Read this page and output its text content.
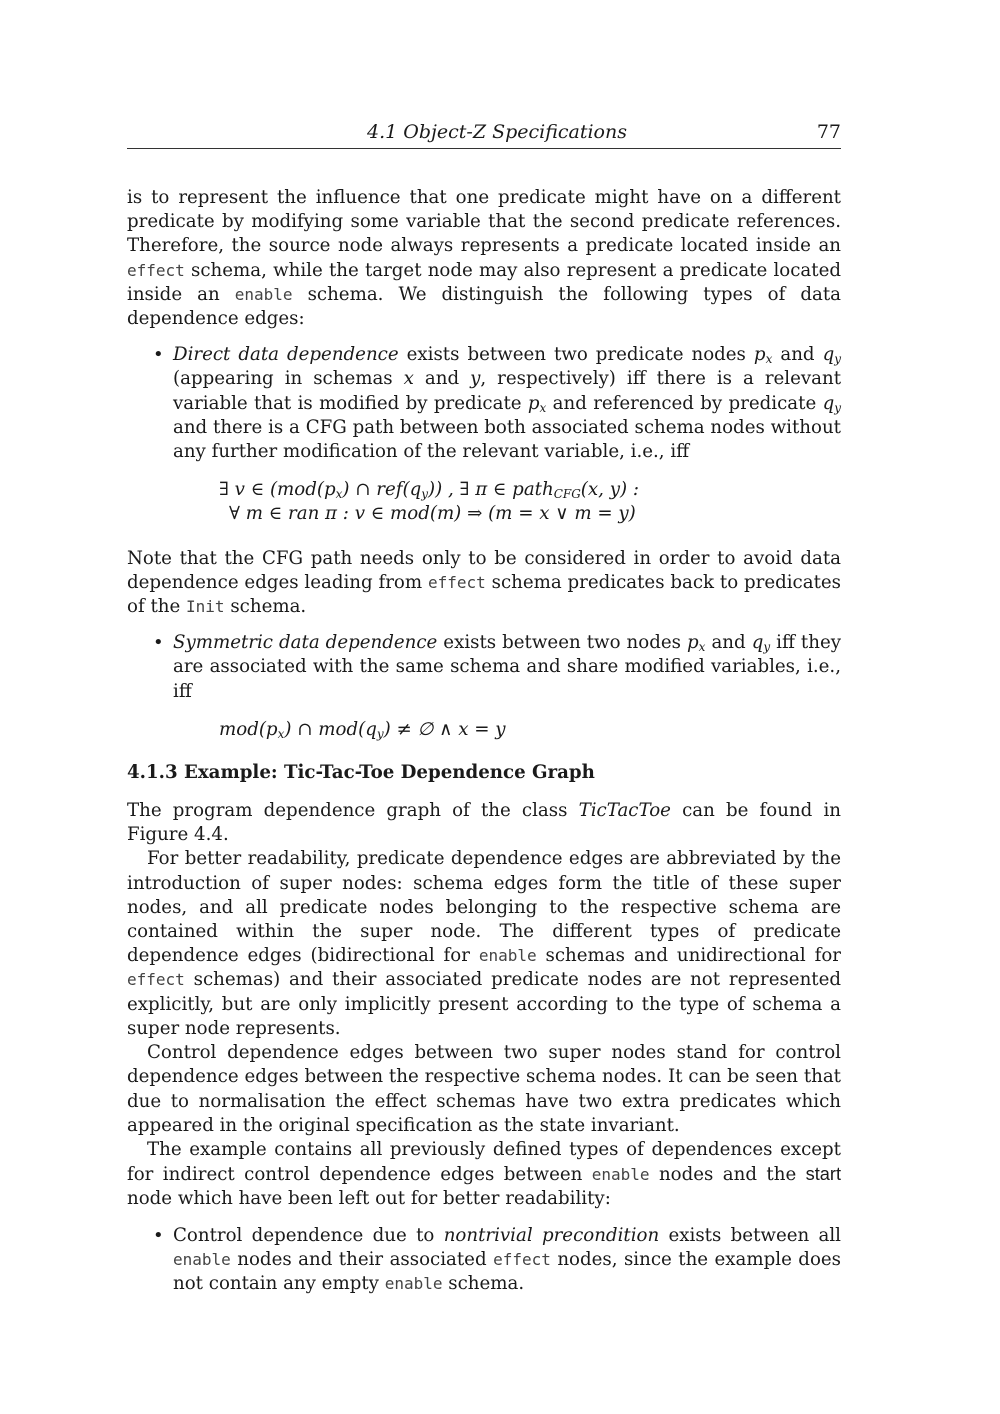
4.1 Object-Z Specifications	77

is to represent the influence that one predicate might have on a different predicate by modifying some variable that the second predicate references. Therefore, the source node always represents a predicate located inside an effect schema, while the target node may also represent a predicate located inside an enable schema. We distinguish the following types of data dependence edges:

• Direct data dependence exists between two predicate nodes $p_x$ and $q_y$ (appearing in schemas x and y, respectively) iff there is a relevant variable that is modified by predicate $p_x$ and referenced by predicate $q_y$ and there is a CFG path between both associated schema nodes without any further modification of the relevant variable, i.e., iff

∃ v ∈ ($mod(p_x)$ ∩ $ref(q_y)$) , ∃ π ∈ path$_{CFG}$(x, y) :
∀ m ∈ ran π : v ∈ mod(m) ⇒ (m = x ∨ m = y)

Note that the CFG path needs only to be considered in order to avoid data dependence edges leading from effect schema predicates back to predicates of the Init schema.

• Symmetric data dependence exists between two nodes $p_x$ and $q_y$ iff they are associated with the same schema and share modified variables, i.e., iff

$mod(p_x)$ ∩ $mod(q_y)$ ≠ ∅ ∧ x = y
4.1.3 Example: Tic-Tac-Toe Dependence Graph

The program dependence graph of the class TicTacToe can be found in Figure 4.4.

For better readability, predicate dependence edges are abbreviated by the introduction of super nodes: schema edges form the title of these super nodes, and all predicate nodes belonging to the respective schema are contained within the super node. The different types of predicate dependence edges (bidirectional for enable schemas and unidirectional for effect schemas) and their associated predicate nodes are not represented explicitly, but are only implicitly present according to the type of schema a super node represents.

Control dependence edges between two super nodes stand for control dependence edges between the respective schema nodes. It can be seen that due to normalisation the effect schemas have two extra predicates which appeared in the original specification as the state invariant.

The example contains all previously defined types of dependences except for indirect control dependence edges between enable nodes and the start node which have been left out for better readability:

• Control dependence due to nontrivial precondition exists between all enable nodes and their associated effect nodes, since the example does not contain any empty enable schema.
